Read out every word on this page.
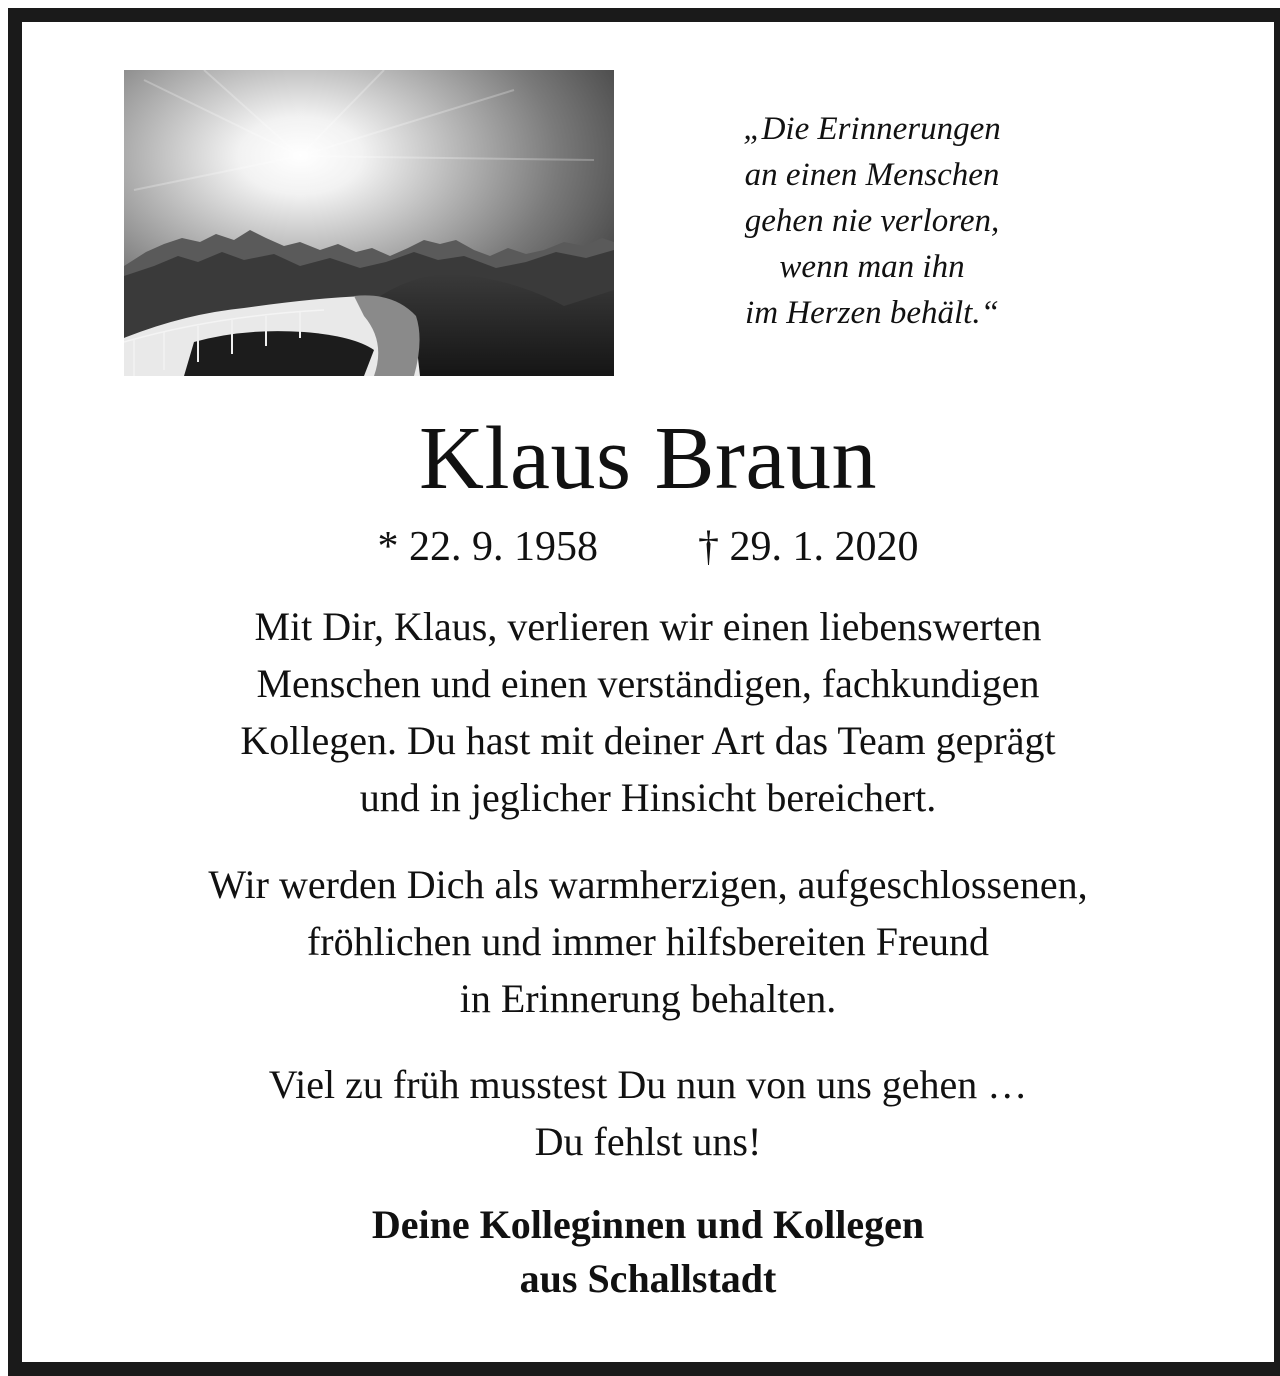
„Die Erinnerungen
an einen Menschen
gehen nie verloren,
wenn man ihn
im Herzen behält.“
Klaus Braun
* 22. 9. 1958 † 29. 1. 2020
Mit Dir, Klaus, verlieren wir einen liebenswerten
Menschen und einen verständigen, fachkundigen
Kollegen. Du hast mit deiner Art das Team geprägt
und in jeglicher Hinsicht bereichert.
Wir werden Dich als warmherzigen, aufgeschlossenen,
fröhlichen und immer hilfsbereiten Freund
in Erinnerung behalten.
Viel zu früh musstest Du nun von uns gehen …
Du fehlst uns!
Deine Kolleginnen und Kollegen
aus Schallstadt
